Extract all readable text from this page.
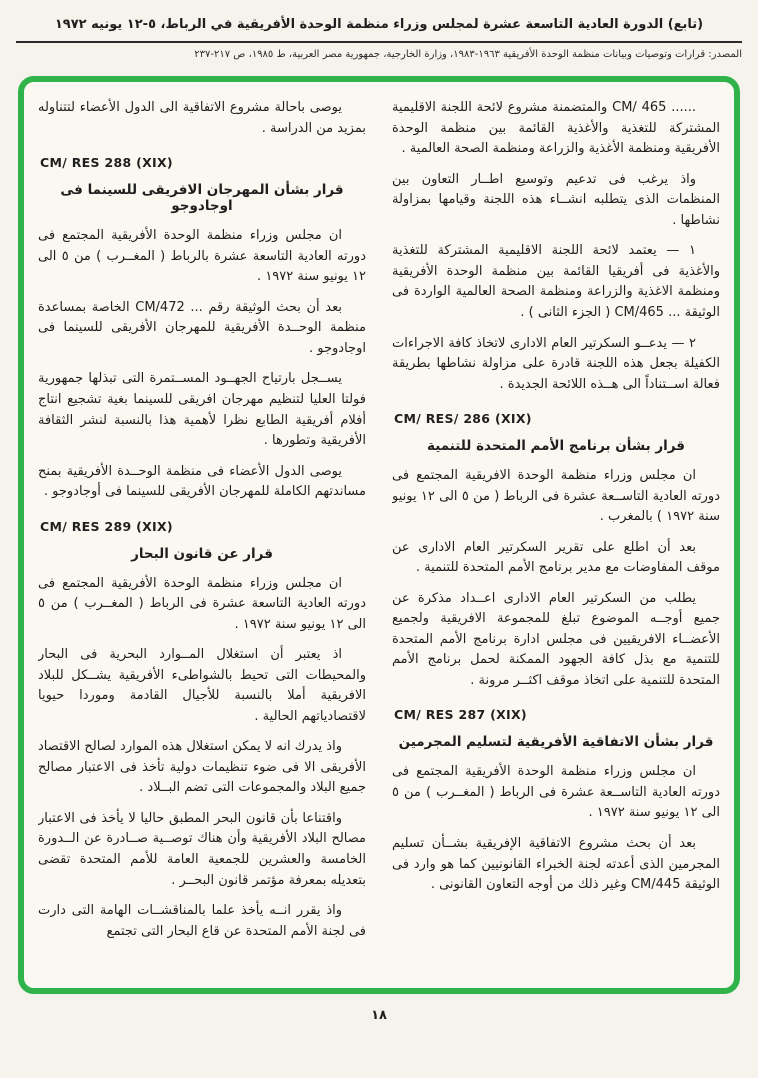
(تابع) الدورة العادية التاسعة عشرة لمجلس وزراء منظمة الوحدة الأفريقية في الرباط، ٥-١٢ يونيه ١٩٧٢
المصدر: قرارات وتوصيات وبيانات منظمة الوحدة الأفريقية ١٩٦٣-١٩٨٣، وزارة الخارجية، جمهورية مصر العربية، ط ١٩٨٥، ص ٢١٧-٢٣٧
...... CM/ 465 والمتضمنة مشروع لائحة اللجنة الاقليمية المشتركة للتغذية والأغذية القائمة بين منظمة الوحدة الأفريقية ومنظمة الأغذية والزراعة ومنظمة الصحة العالمية .
واذ يرغب فى تدعيم وتوسيع اطــار التعاون بين المنظمات الذى يتطلبه انشــاء هذه اللجنة وقيامها بمزاولة نشاطها .
١ — يعتمد لائحة اللجنة الاقليمية المشتركة للتغذية والأغذية فى أفريقيا القائمة بين منظمة الوحدة الأفريقية ومنظمة الاغذية والزراعة ومنظمة الصحة العالمية الواردة فى الوثيقة ... CM/465 ( الجزء الثانى ) .
٢ — يدعــو السكرتير العام الادارى لاتخاذ كافة الاجراءات الكفيلة بجعل هذه اللجنة قادرة على مزاولة نشاطها بطريقة فعالة اســتناداً الى هــذه اللائحة الجديدة .
CM/ RES/ 286 (XIX)
قرار بشأن برنامج الأمم المتحدة للتنمية
ان مجلس وزراء منظمة الوحدة الافريقية المجتمع فى دورته العادية التاســعة عشرة فى الرباط ( من ٥ الى ١٢ يونيو سنة ١٩٧٢ ) بالمغرب .
بعد أن اطلع على تقرير السكرتير العام الادارى عن موقف المفاوضات مع مدير برنامج الأمم المتحدة للتنمية .
يطلب من السكرتير العام الادارى اعــداد مذكرة عن جميع أوجــه الموضوع تبلغ للمجموعة الافريقية ولجميع الأعضــاء الافريقيين فى مجلس ادارة برنامج الأمم المتحدة للتنمية مع بذل كافة الجهود الممكنة لحمل برنامج الأمم المتحدة للتنمية على اتخاذ موقف اكثــر مرونة .
CM/ RES 287 (XIX)
قرار بشأن الاتفاقية الأفريقية لتسليم المجرمين
ان مجلس وزراء منظمة الوحدة الأفريقية المجتمع فى دورته العادية التاســعة عشرة فى الرباط ( المغــرب ) من ٥ الى ١٢ يونيو سنة ١٩٧٢ .
بعد أن بحث مشروع الاتفاقية الإفريقية بشــأن تسليم المجرمين الذى أعدته لجنة الخبراء القانونيين كما هو وارد فى الوثيقة CM/445 وغير ذلك من أوجه التعاون القانونى .
يوصى باحالة مشروع الاتفاقية الى الدول الأعضاء لتتناوله بمزيد من الدراسة .
CM/ RES 288 (XIX)
قرار بشأن المهرجان الافريقى للسينما فى اوجادوجو
ان مجلس وزراء منظمة الوحدة الأفريقية المجتمع فى دورته العادية التاسعة عشرة بالرباط ( المغــرب ) من ٥ الى ١٢ يونيو سنة ١٩٧٢ .
بعد أن بحث الوثيقة رقم ... CM/472 الخاصة بمساعدة منظمة الوحــدة الأفريقية للمهرجان الأفريقى للسينما فى اوجادوجو .
يســجل بارتياح الجهــود المســتمرة التى تبذلها جمهورية فولتا العليا لتنظيم مهرجان افريقى للسينما بغية تشجيع انتاج أفلام أفريقية الطابع نظرا لأهمية هذا بالنسبة لنشر الثقافة الأفريقية وتطورها .
يوصى الدول الأعضاء فى منظمة الوحــدة الأفريقية بمنح مساندتهم الكاملة للمهرجان الأفريقى للسينما فى أوجادوجو .
CM/ RES 289 (XIX)
قرار عن قانون البحار
ان مجلس وزراء منظمة الوحدة الأفريقية المجتمع فى دورته العادية التاسعة عشرة فى الرباط ( المغــرب ) من ٥ الى ١٢ يونيو سنة ١٩٧٢ .
اذ يعتبر أن استغلال المــوارد البحرية فى البحار والمحيطات التى تحيط بالشواطىء الأفريقية يشــكل للبلاد الافريقية أملا بالنسبة للأجيال القادمة وموردا حيويا لاقتصادياتهم الحالية .
واذ يدرك انه لا يمكن استغلال هذه الموارد لصالح الاقتصاد الأفريقى الا فى ضوء تنظيمات دولية تأخذ فى الاعتبار مصالح جميع البلاد والمجموعات التى تضم البــلاد .
واقتناعا بأن قانون البحر المطبق حاليا لا يأخذ فى الاعتبار مصالح البلاد الأفريقية وأن هناك توصــية صــادرة عن الــدورة الخامسة والعشرين للجمعية العامة للأمم المتحدة تقضى بتعديله بمعرفة مؤتمر قانون البحــر .
واذ يقرر انــه يأخذ علما بالمناقشــات الهامة التى دارت فى لجنة الأمم المتحدة عن قاع البحار التى تجتمع
١٨
